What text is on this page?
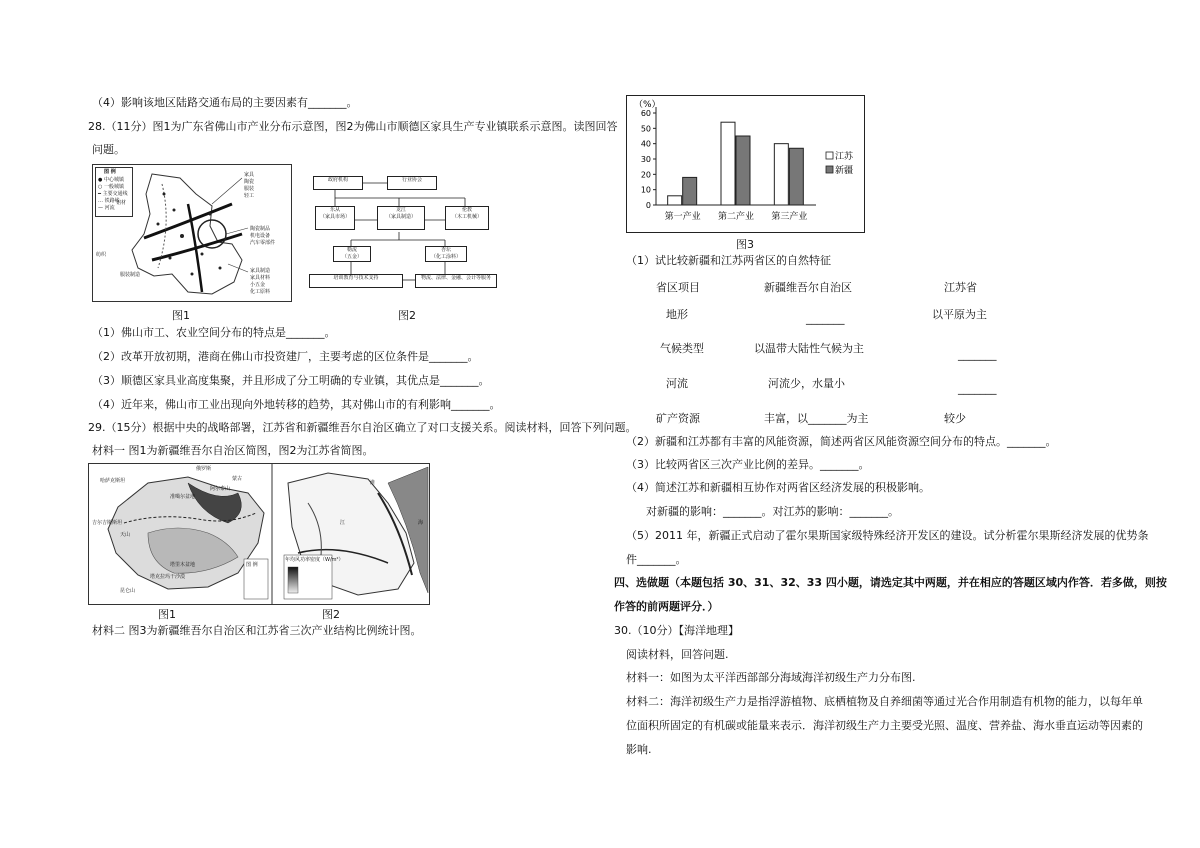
（4）影响该地区陆路交通布局的主要因素有_______。
28.（11分）图1为广东省佛山市产业分布示意图，图2为佛山市顺德区家具生产专业镇联系示意图。读图回答
问题。
图 例
● 中心城镇
○ 一般城镇
━ 主要交通线
… 铁路线
— 河流
家具
陶瓷
服装
轻工
陶瓷制品
机电设备
汽车零部件
家具制造
家具材料
小五金
化工原料
纺织
铝材
服装制造
政府机构	行业协会
乐从
（家具市场）
龙江
（家具制造）
伦教
（木工机械）
勒流
（五金）
杏坛
（化工涂料）
培训教育与技术支持	物流、法律、金融、会计等服务
图1	图2
（1）佛山市工、农业空间分布的特点是_______。
（2）改革开放初期，港商在佛山市投资建厂，主要考虑的区位条件是_______。
（3）顺德区家具业高度集聚，并且形成了分工明确的专业镇，其优点是_______。
（4）近年来，佛山市工业出现向外地转移的趋势，其对佛山市的有利影响_______。
29.（15分）根据中央的战略部署，江苏省和新疆维吾尔自治区确立了对口支援关系。阅读材料，回答下列问题。
材料一 图1为新疆维吾尔自治区简图，图2为江苏省简图。
哈萨克斯坦	蒙古
俄罗斯
准噶尔盆地
塔里木盆地
吉尔吉斯斯坦
塔克拉玛干沙漠
阿尔泰山
天山
昆仑山
年均风功率密度（W/m²）
图 例
江	海
淮
图1	图2
材料二 图3为新疆维吾尔自治区和江苏省三次产业结构比例统计图。
（%）
0
10
20
30
40
50
60
第一产业 第二产业 第三产业
江苏
新疆
图3
（1）试比较新疆和江苏两省区的自然特征
省区项目	新疆维吾尔自治区	江苏省
地形	_______	以平原为主
气候类型	以温带大陆性气候为主	_______
河流	河流少，水量小	_______
矿产资源	丰富，以_______为主	较少
（2）新疆和江苏都有丰富的风能资源，简述两省区风能资源空间分布的特点。_______。
（3）比较两省区三次产业比例的差异。_______。
（4）简述江苏和新疆相互协作对两省区经济发展的积极影响。
对新疆的影响：_______。对江苏的影响：_______。
（5）2011 年，新疆正式启动了霍尔果斯国家级特殊经济开发区的建设。试分析霍尔果斯经济发展的优势条
件_______。
四、选做题（本题包括 30、31、32、33 四小题，请选定其中两题，并在相应的答题区域内作答．若多做，则按
作答的前两题评分．）
30.（10分）【海洋地理】
阅读材料，回答问题.
材料一：如图为太平洋西部部分海域海洋初级生产力分布图.
材料二：海洋初级生产力是指浮游植物、底栖植物及自养细菌等通过光合作用制造有机物的能力，以每年单
位面积所固定的有机碳或能量来表示．海洋初级生产力主要受光照、温度、营养盐、海水垂直运动等因素的
影响.
